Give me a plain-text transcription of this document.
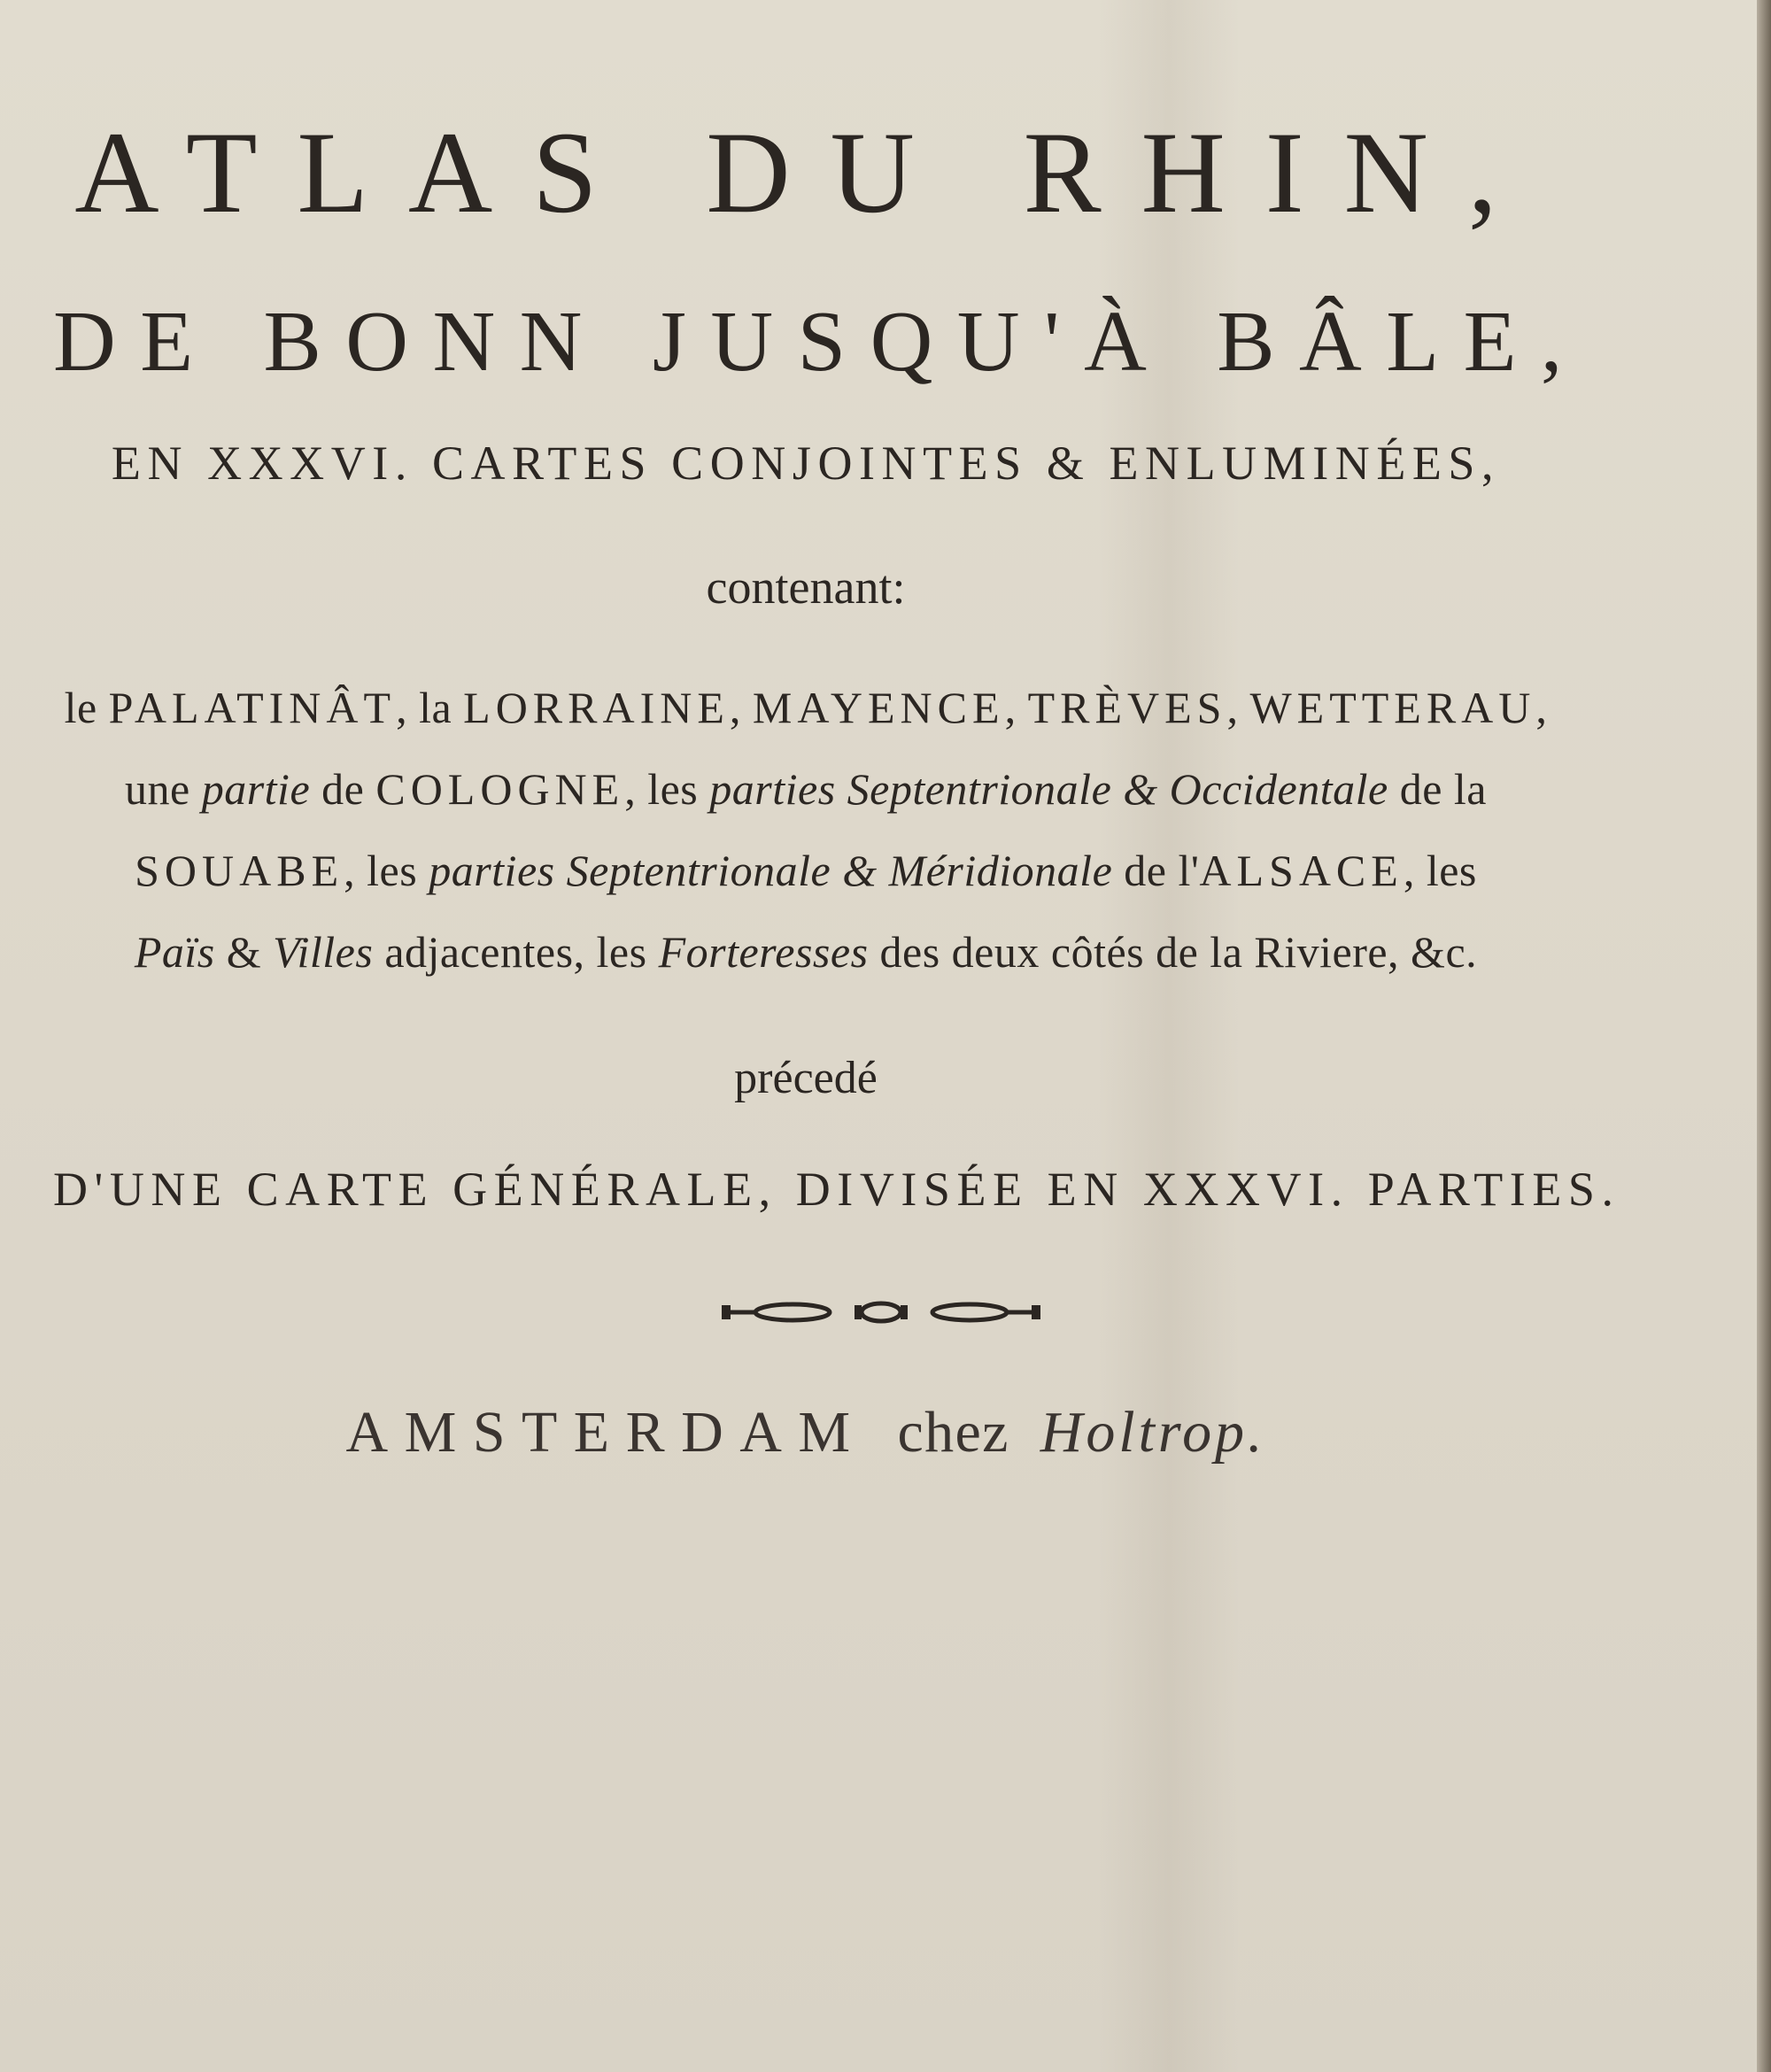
ATLAS DU RHIN,
DE BONN JUSQU'À BÂLE,
EN XXXVI. CARTES CONJOINTES & ENLUMINÉES,
contenant:
le PALATINÂT, la LORRAINE, MAYENCE, TRÈVES, WETTERAU,
une partie de COLOGNE, les parties Septentrionale & Occidentale de la
SOUABE, les parties Septentrionale & Méridionale de l'ALSACE, les
Païs & Villes adjacentes, les Forteresses des deux côtés de la Riviere, &c.
précedé
D'UNE CARTE GÉNÉRALE, DIVISÉE EN XXXVI. PARTIES.
AMSTERDAM chez Holtrop.
